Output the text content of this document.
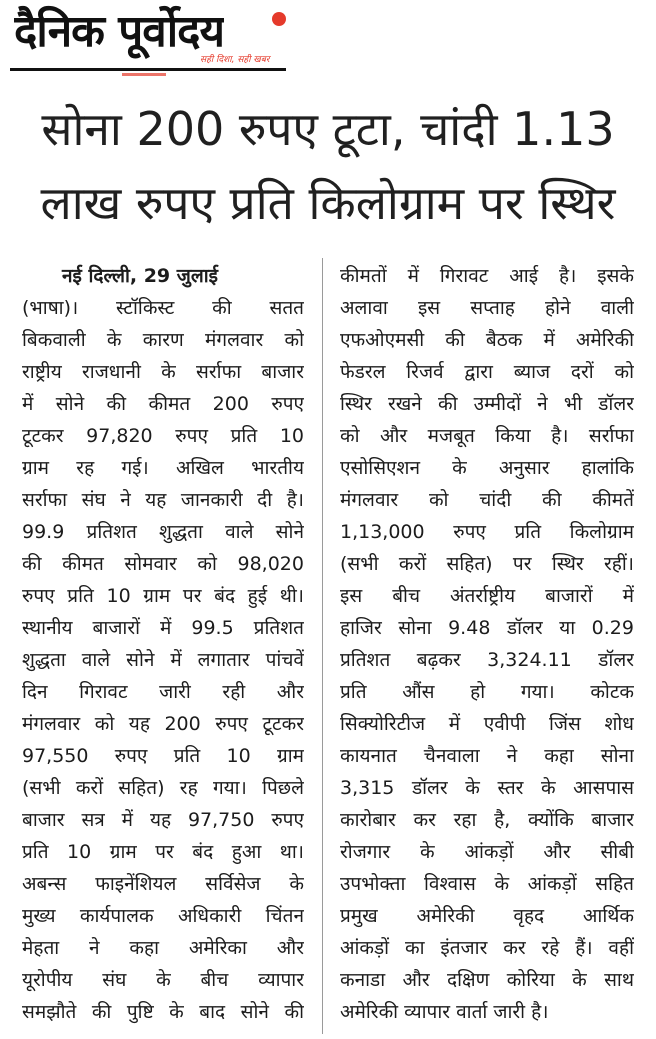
दैनिक पूर्वोदय
सही दिशा, सही खबर
सोना 200 रुपए टूटा, चांदी 1.13
लाख रुपए प्रति किलोग्राम पर स्थिर
नई दिल्ली, 29 जुलाई
(भाषा)। स्टॉकिस्ट की सतत
बिकवाली के कारण मंगलवार को
राष्ट्रीय राजधानी के सर्राफा बाजार
में सोने की कीमत 200 रुपए
टूटकर 97,820 रुपए प्रति 10
ग्राम रह गई। अखिल भारतीय
सर्राफा संघ ने यह जानकारी दी है।
99.9 प्रतिशत शुद्धता वाले सोने
की कीमत सोमवार को 98,020
रुपए प्रति 10 ग्राम पर बंद हुई थी।
स्थानीय बाजारों में 99.5 प्रतिशत
शुद्धता वाले सोने में लगातार पांचवें
दिन गिरावट जारी रही और
मंगलवार को यह 200 रुपए टूटकर
97,550 रुपए प्रति 10 ग्राम
(सभी करों सहित) रह गया। पिछले
बाजार सत्र में यह 97,750 रुपए
प्रति 10 ग्राम पर बंद हुआ था।
अबन्स फाइनेंशियल सर्विसेज के
मुख्य कार्यपालक अधिकारी चिंतन
मेहता ने कहा अमेरिका और
यूरोपीय संघ के बीच व्यापार
समझौते की पुष्टि के बाद सोने की
कीमतों में गिरावट आई है। इसके
अलावा इस सप्ताह होने वाली
एफओएमसी की बैठक में अमेरिकी
फेडरल रिजर्व द्वारा ब्याज दरों को
स्थिर रखने की उम्मीदों ने भी डॉलर
को और मजबूत किया है। सर्राफा
एसोसिएशन के अनुसार हालांकि
मंगलवार को चांदी की कीमतें
1,13,000 रुपए प्रति किलोग्राम
(सभी करों सहित) पर स्थिर रहीं।
इस बीच अंतर्राष्ट्रीय बाजारों में
हाजिर सोना 9.48 डॉलर या 0.29
प्रतिशत बढ़कर 3,324.11 डॉलर
प्रति औंस हो गया। कोटक
सिक्योरिटीज में एवीपी जिंस शोध
कायनात चैनवाला ने कहा सोना
3,315 डॉलर के स्तर के आसपास
कारोबार कर रहा है, क्योंकि बाजार
रोजगार के आंकड़ों और सीबी
उपभोक्ता विश्वास के आंकड़ों सहित
प्रमुख अमेरिकी वृहद आर्थिक
आंकड़ों का इंतजार कर रहे हैं। वहीं
कनाडा और दक्षिण कोरिया के साथ
अमेरिकी व्यापार वार्ता जारी है।
